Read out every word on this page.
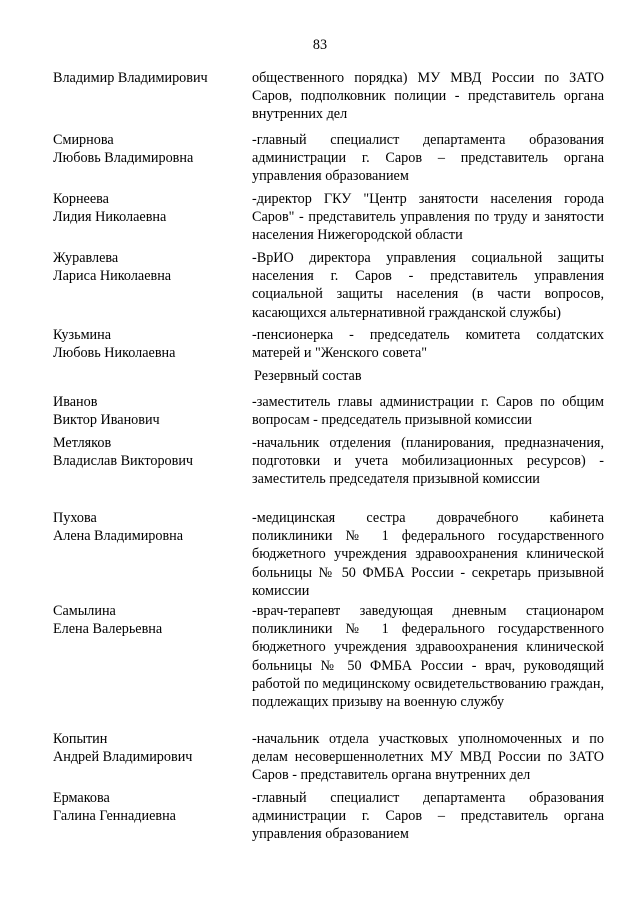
83
Владимир Владимирович	общественного порядка) МУ МВД России по ЗАТО Саров, подполковник полиции - представитель органа внутренних дел
Смирнова
Любовь Владимировна
-главный специалист департамента образования администрации г. Саров – представитель органа управления образованием
Корнеева
Лидия Николаевна
-директор ГКУ "Центр занятости населения города Саров" - представитель управления по труду и занятости населения Нижегородской области
Журавлева
Лариса Николаевна
-ВрИО директора управления социальной защиты населения г. Саров - представитель управления социальной защиты населения (в части вопросов, касающихся альтернативной гражданской службы)
Кузьмина
Любовь Николаевна
-пенсионерка - председатель комитета солдатских матерей и "Женского совета"
Резервный состав
Иванов
Виктор Иванович
-заместитель главы администрации г. Саров по общим вопросам - председатель призывной комиссии
Метляков
Владислав Викторович
-начальник отделения (планирования, предназначения, подготовки и учета мобилизационных ресурсов) - заместитель председателя призывной комиссии
Пухова
Алена Владимировна
-медицинская сестра доврачебного кабинета поликлиники № 1 федерального государственного бюджетного учреждения здравоохранения клинической больницы № 50 ФМБА России - секретарь призывной комиссии
Самылина
Елена Валерьевна
-врач-терапевт заведующая дневным стационаром поликлиники № 1 федерального государственного бюджетного учреждения здравоохранения клинической больницы № 50 ФМБА России - врач, руководящий работой по медицинскому освидетельствованию граждан, подлежащих призыву на военную службу
Копытин
Андрей Владимирович
-начальник отдела участковых уполномоченных и по делам несовершеннолетних МУ МВД России по ЗАТО Саров - представитель органа внутренних дел
Ермакова
Галина Геннадиевна
-главный специалист департамента образования администрации г. Саров – представитель органа управления образованием
